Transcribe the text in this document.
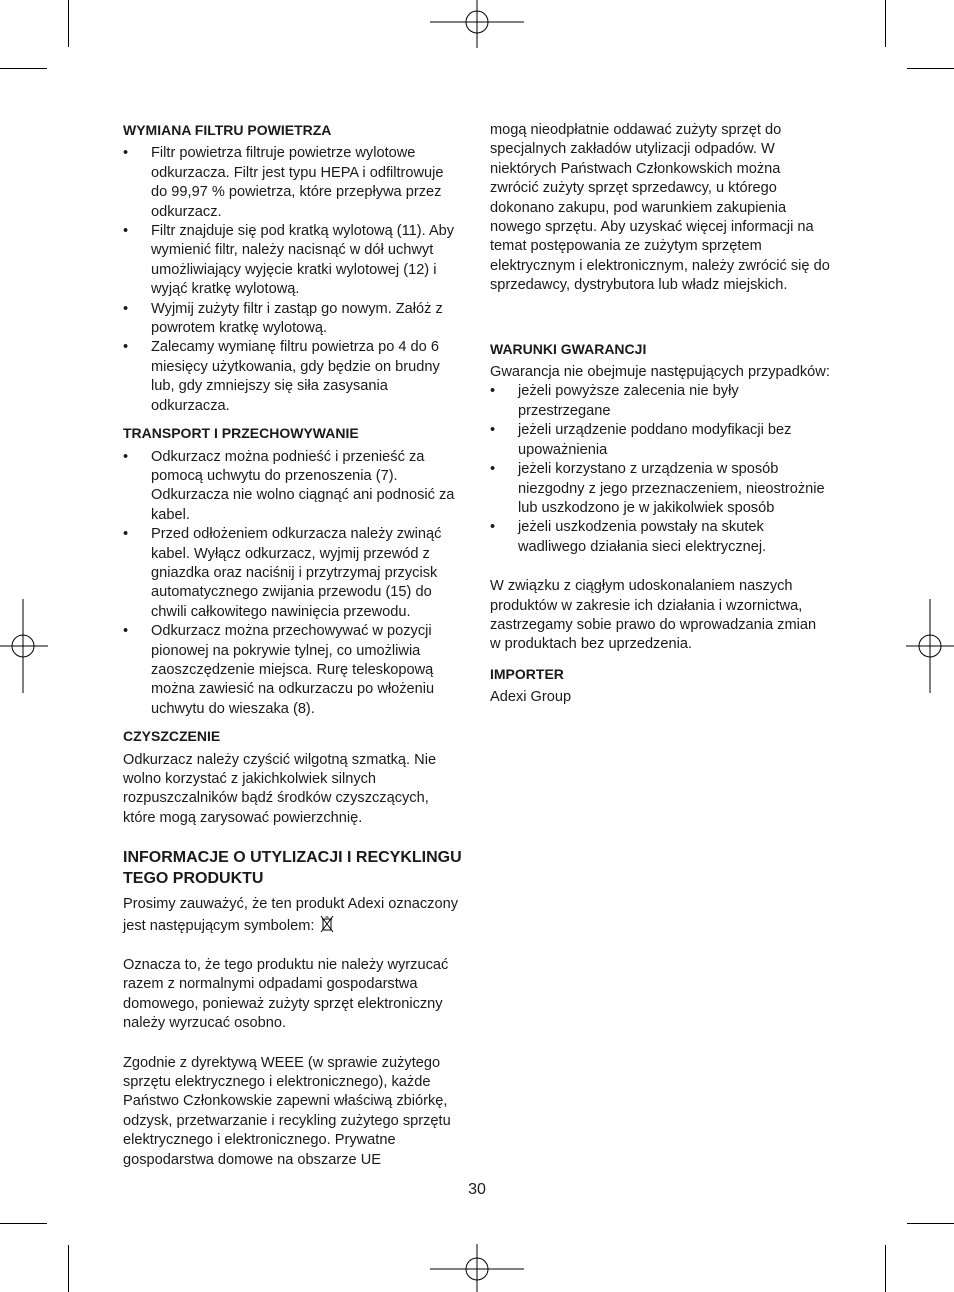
WYMIANA FILTRU POWIETRZA
• Filtr powietrza filtruje powietrze wylotowe odkurzacza. Filtr jest typu HEPA i odfiltrowuje do 99,97 % powietrza, które przepływa przez odkurzacz.
• Filtr znajduje się pod kratką wylotową (11). Aby wymienić filtr, należy nacisnąć w dół uchwyt umożliwiający wyjęcie kratki wylotowej (12) i wyjąć kratkę wylotową.
• Wyjmij zużyty filtr i zastąp go nowym. Załóż z powrotem kratkę wylotową.
• Zalecamy wymianę filtru powietrza po 4 do 6 miesięcy użytkowania, gdy będzie on brudny lub, gdy zmniejszy się siła zasysania odkurzacza.
TRANSPORT I PRZECHOWYWANIE
• Odkurzacz można podnieść i przenieść za pomocą uchwytu do przenoszenia (7). Odkurzacza nie wolno ciągnąć ani podnosić za kabel.
• Przed odłożeniem odkurzacza należy zwinąć kabel. Wyłącz odkurzacz, wyjmij przewód z gniazdka oraz naciśnij i przytrzymaj przycisk automatycznego zwijania przewodu (15) do chwili całkowitego nawinięcia przewodu.
• Odkurzacz można przechowywać w pozycji pionowej na pokrywie tylnej, co umożliwia zaoszczędzenie miejsca. Rurę teleskopową można zawiesić na odkurzaczu po włożeniu uchwytu do wieszaka (8).
CZYSZCZENIE

Odkurzacz należy czyścić wilgotną szmatką. Nie wolno korzystać z jakichkolwiek silnych rozpuszczalników bądź środków czyszczących, które mogą zarysować powierzchnię.

INFORMACJE O UTYLIZACJI I RECYKLINGU TEGO PRODUKTU

Prosimy zauważyć, że ten produkt Adexi oznaczony jest następującym symbolem:

Oznacza to, że tego produktu nie należy wyrzucać razem z normalnymi odpadami gospodarstwa domowego, ponieważ zużyty sprzęt elektroniczny należy wyrzucać osobno.

Zgodnie z dyrektywą WEEE (w sprawie zużytego sprzętu elektrycznego i elektronicznego), każde Państwo Członkowskie zapewni właściwą zbiórkę, odzysk, przetwarzanie i recykling zużytego sprzętu elektrycznego i elektronicznego. Prywatne gospodarstwa domowe na obszarze UE

mogą nieodpłatnie oddawać zużyty sprzęt do specjalnych zakładów utylizacji odpadów. W niektórych Państwach Członkowskich można zwrócić zużyty sprzęt sprzedawcy, u którego dokonano zakupu, pod warunkiem zakupienia nowego sprzętu. Aby uzyskać więcej informacji na temat postępowania ze zużytym sprzętem elektrycznym i elektronicznym, należy zwrócić się do sprzedawcy, dystrybutora lub władz miejskich.

WARUNKI GWARANCJI

Gwarancja nie obejmuje następujących przypadków:

• jeżeli powyższe zalecenia nie były przestrzegane
• jeżeli urządzenie poddano modyfikacji bez upoważnienia
• jeżeli korzystano z urządzenia w sposób niezgodny z jego przeznaczeniem, nieostrożnie lub uszkodzono je w jakikolwiek sposób
• jeżeli uszkodzenia powstały na skutek wadliwego działania sieci elektrycznej.

W związku z ciągłym udoskonalaniem naszych produktów w zakresie ich działania i wzornictwa, zastrzegamy sobie prawo do wprowadzania zmian w produktach bez uprzedzenia.

IMPORTER

Adexi Group

30
